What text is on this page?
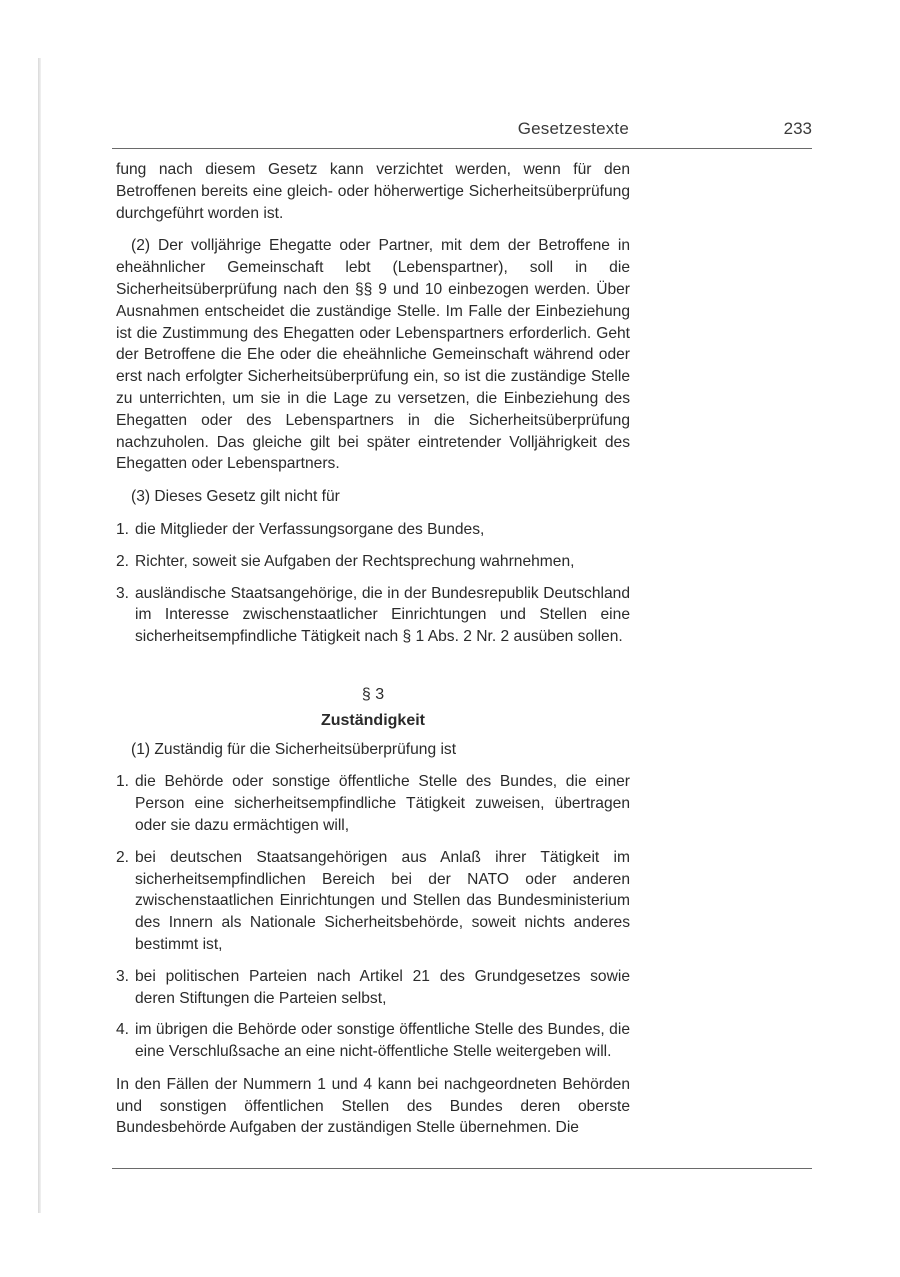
Gesetzestexte	233

fung nach diesem Gesetz kann verzichtet werden, wenn für den Betroffenen bereits eine gleich- oder höherwertige Sicherheitsüberprüfung durchgeführt worden ist.

(2) Der volljährige Ehegatte oder Partner, mit dem der Betroffene in eheähnlicher Gemeinschaft lebt (Lebenspartner), soll in die Sicherheitsüberprüfung nach den §§ 9 und 10 einbezogen werden. Über Ausnahmen entscheidet die zuständige Stelle. Im Falle der Einbeziehung ist die Zustimmung des Ehegatten oder Lebenspartners erforderlich. Geht der Betroffene die Ehe oder die eheähnliche Gemeinschaft während oder erst nach erfolgter Sicherheitsüberprüfung ein, so ist die zuständige Stelle zu unterrichten, um sie in die Lage zu versetzen, die Einbeziehung des Ehegatten oder des Lebenspartners in die Sicherheitsüberprüfung nachzuholen. Das gleiche gilt bei später eintretender Volljährigkeit des Ehegatten oder Lebenspartners.

(3) Dieses Gesetz gilt nicht für

1. die Mitglieder der Verfassungsorgane des Bundes,
2. Richter, soweit sie Aufgaben der Rechtsprechung wahrnehmen,
3. ausländische Staatsangehörige, die in der Bundesrepublik Deutschland im Interesse zwischenstaatlicher Einrichtungen und Stellen eine sicherheitsempfindliche Tätigkeit nach § 1 Abs. 2 Nr. 2 ausüben sollen.
§ 3
Zuständigkeit

(1) Zuständig für die Sicherheitsüberprüfung ist

1. die Behörde oder sonstige öffentliche Stelle des Bundes, die einer Person eine sicherheitsempfindliche Tätigkeit zuweisen, übertragen oder sie dazu ermächtigen will,
2. bei deutschen Staatsangehörigen aus Anlaß ihrer Tätigkeit im sicherheitsempfindlichen Bereich bei der NATO oder anderen zwischenstaatlichen Einrichtungen und Stellen das Bundesministerium des Innern als Nationale Sicherheitsbehörde, soweit nichts anderes bestimmt ist,
3. bei politischen Parteien nach Artikel 21 des Grundgesetzes sowie deren Stiftungen die Parteien selbst,
4. im übrigen die Behörde oder sonstige öffentliche Stelle des Bundes, die eine Verschlußsache an eine nicht-öffentliche Stelle weitergeben will.

In den Fällen der Nummern 1 und 4 kann bei nachgeordneten Behörden und sonstigen öffentlichen Stellen des Bundes deren oberste Bundesbehörde Aufgaben der zuständigen Stelle übernehmen. Die
